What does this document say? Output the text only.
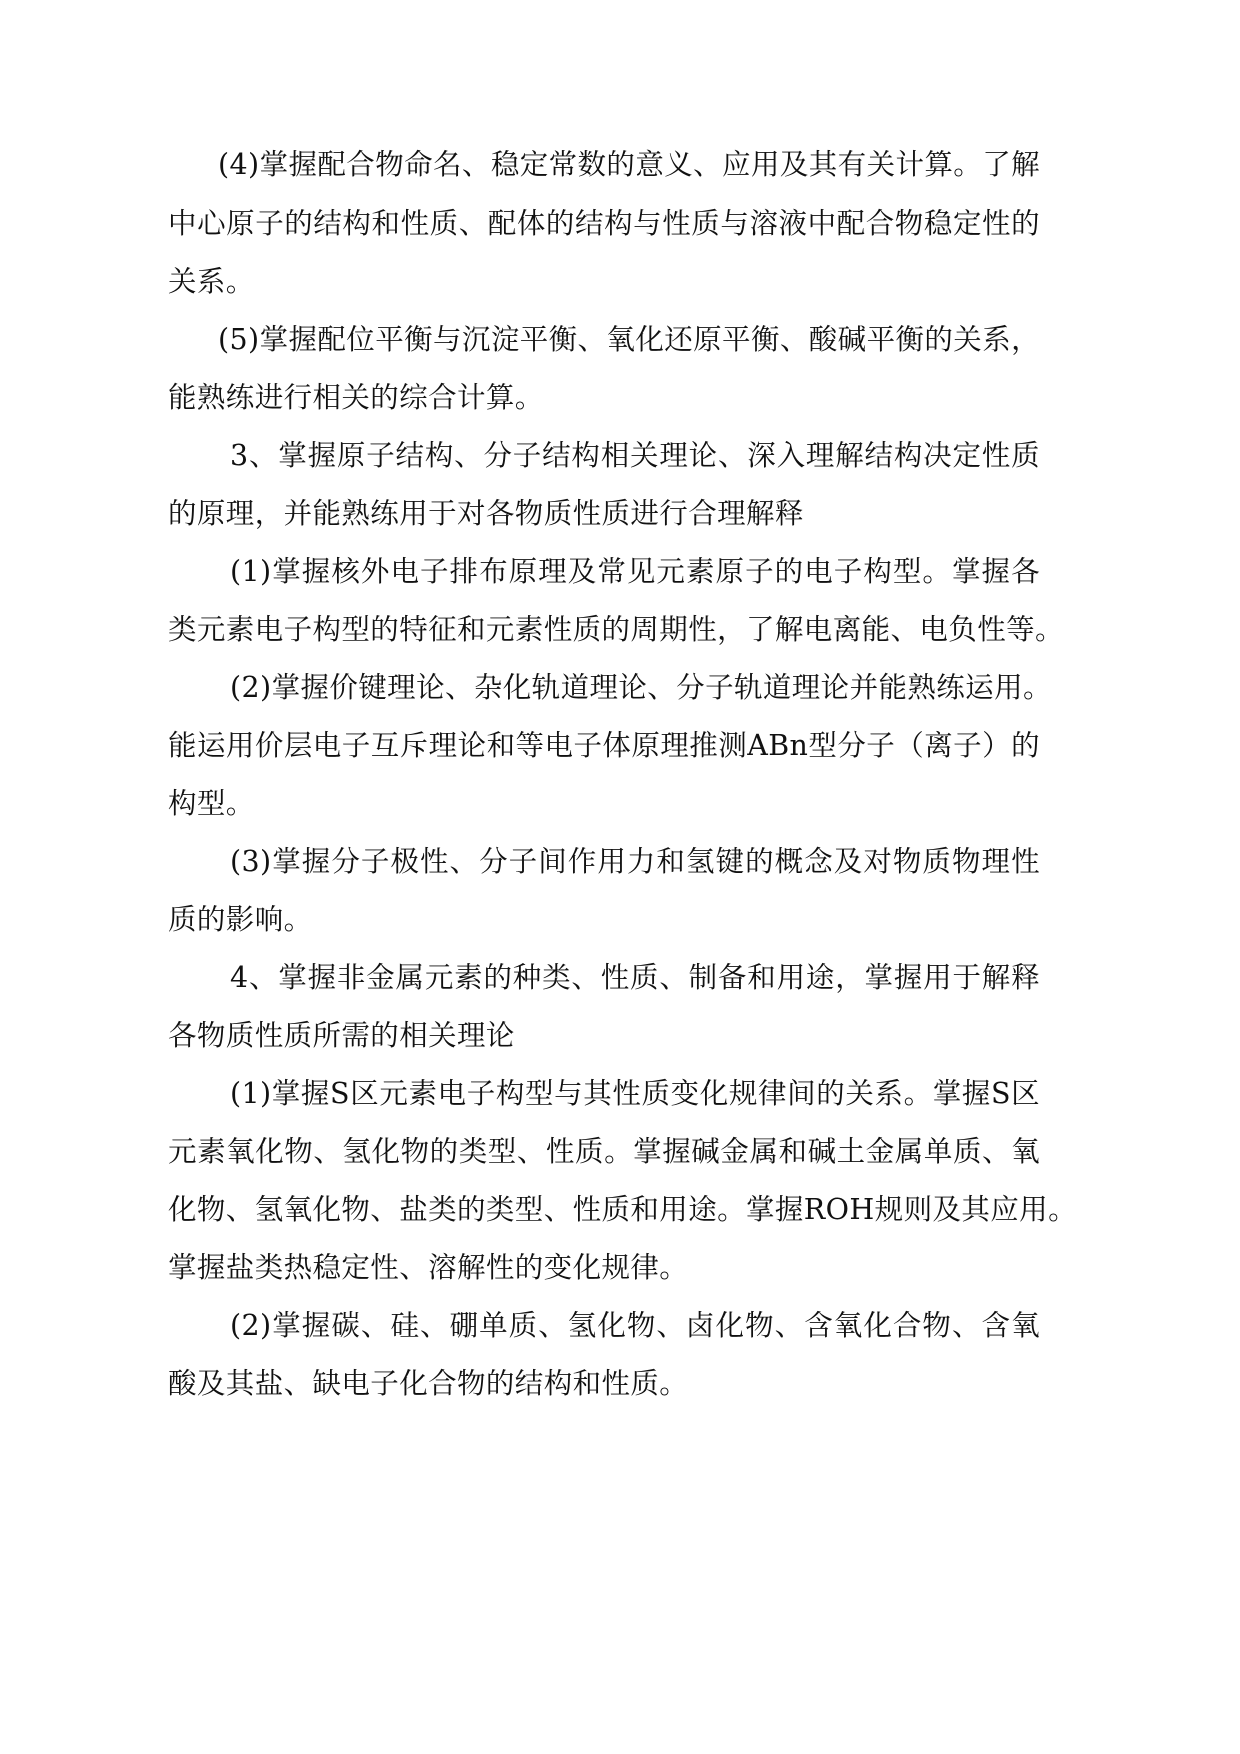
(4)掌握配合物命名、稳定常数的意义、应用及其有关计算。了解
中心原子的结构和性质、配体的结构与性质与溶液中配合物稳定性的
关系。
(5)掌握配位平衡与沉淀平衡、氧化还原平衡、酸碱平衡的关系，
能熟练进行相关的综合计算。
3、掌握原子结构、分子结构相关理论、深入理解结构决定性质
的原理，并能熟练用于对各物质性质进行合理解释
(1)掌握核外电子排布原理及常见元素原子的电子构型。掌握各
类元素电子构型的特征和元素性质的周期性，了解电离能、电负性等。
(2)掌握价键理论、杂化轨道理论、分子轨道理论并能熟练运用。
能运用价层电子互斥理论和等电子体原理推测ABn型分子（离子）的
构型。
(3)掌握分子极性、分子间作用力和氢键的概念及对物质物理性
质的影响。
4、掌握非金属元素的种类、性质、制备和用途，掌握用于解释
各物质性质所需的相关理论
(1)掌握S区元素电子构型与其性质变化规律间的关系。掌握S区
元素氧化物、氢化物的类型、性质。掌握碱金属和碱土金属单质、氧
化物、氢氧化物、盐类的类型、性质和用途。掌握ROH规则及其应用。
掌握盐类热稳定性、溶解性的变化规律。
(2)掌握碳、硅、硼单质、氢化物、卤化物、含氧化合物、含氧
酸及其盐、缺电子化合物的结构和性质。
